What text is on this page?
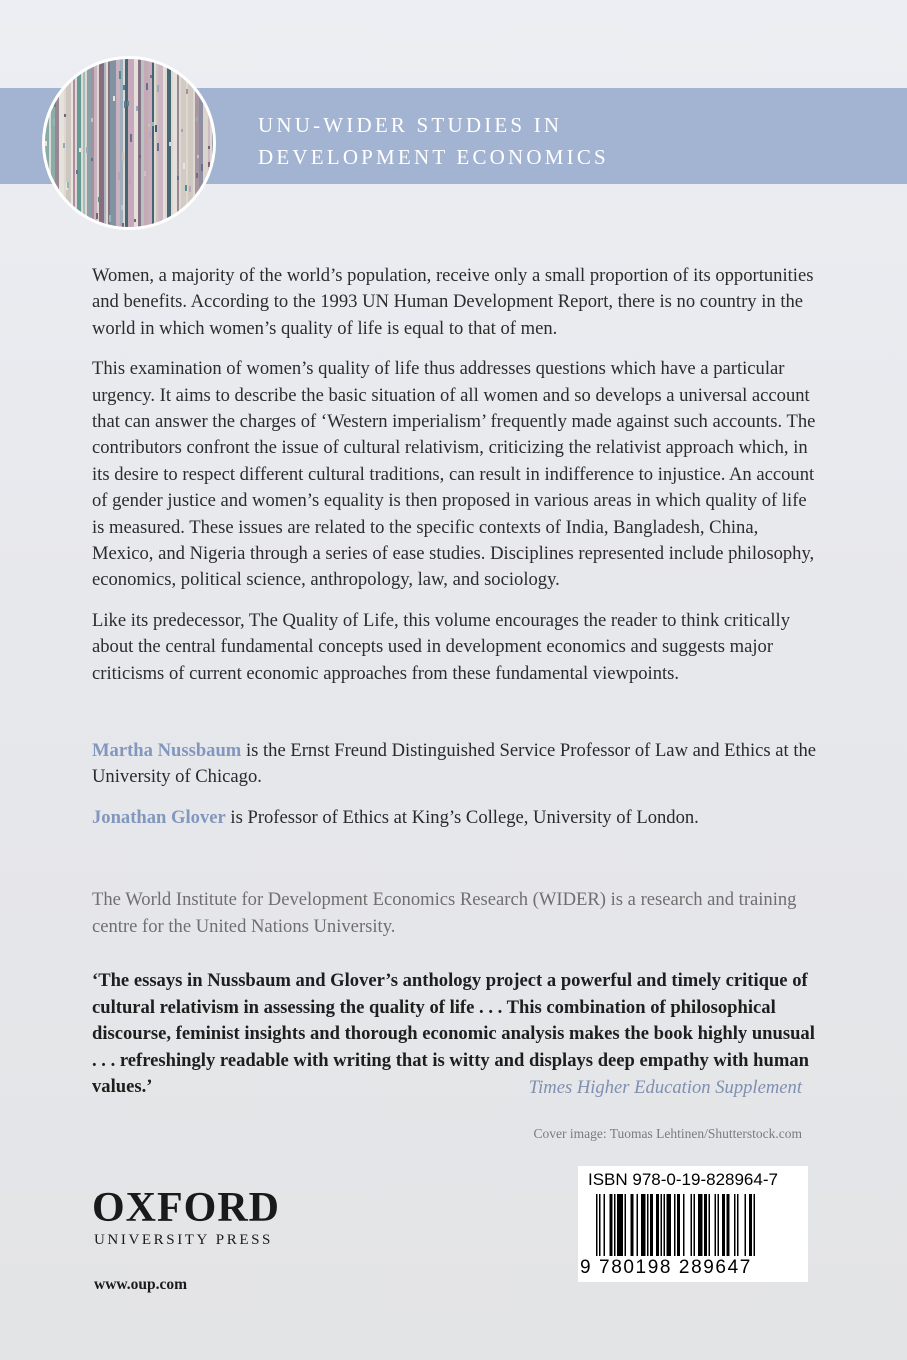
UNU-WIDER STUDIES IN
DEVELOPMENT ECONOMICS

Women, a majority of the world’s population, receive only a small proportion of its opportunities and benefits. According to the 1993 UN Human Development Report, there is no country in the world in which women’s quality of life is equal to that of men.

This examination of women’s quality of life thus addresses questions which have a particular urgency. It aims to describe the basic situation of all women and so develops a universal account that can answer the charges of ‘Western imperialism’ frequently made against such accounts. The contributors confront the issue of cultural relativism, criticizing the relativist approach which, in its desire to respect different cultural traditions, can result in indifference to injustice. An account of gender justice and women’s equality is then proposed in various areas in which quality of life is measured. These issues are related to the specific contexts of India, Bangladesh, China, Mexico, and Nigeria through a series of ease studies. Disciplines represented include philosophy, economics, political science, anthropology, law, and sociology.

Like its predecessor, The Quality of Life, this volume encourages the reader to think critically about the central fundamental concepts used in development economics and suggests major criticisms of current economic approaches from these fundamental viewpoints.

Martha Nussbaum is the Ernst Freund Distinguished Service Professor of Law and Ethics at the University of Chicago.

Jonathan Glover is Professor of Ethics at King’s College, University of London.

The World Institute for Development Economics Research (WIDER) is a research and training centre for the United Nations University.
‘The essays in Nussbaum and Glover’s anthology project a powerful and timely critique of cultural relativism in assessing the quality of life . . . This combination of philosophical discourse, feminist insights and thorough economic analysis makes the book highly unusual . . . refreshingly readable with writing that is witty and displays deep empathy with human values.’	Times Higher Education Supplement
Cover image: Tuomas Lehtinen/Shutterstock.com
OXFORD
UNIVERSITY PRESS
www.oup.com
ISBN 978-0-19-828964-7
9 780198 289647
